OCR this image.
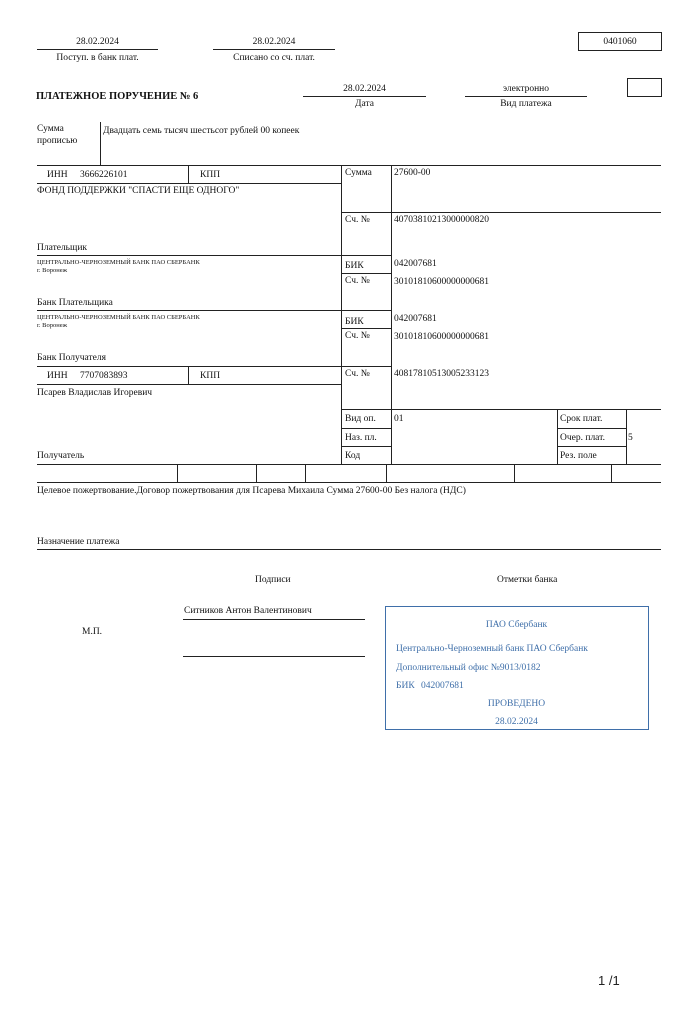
28.02.2024
Поступ. в банк плат.
28.02.2024
Списано со сч. плат.
0401060
ПЛАТЕЖНОЕ ПОРУЧЕНИЕ № 6
28.02.2024
Дата
электронно
Вид платежа
Сумма
прописью
Двадцать семь тысяч шестьсот рублей 00 копеек
ИНН 3666226101	КПП
ФОНД ПОДДЕРЖКИ "СПАСТИ ЕЩЕ ОДНОГО"
Плательщик
Сумма 27600-00
Сч. №	40703810213000000820
ЦЕНТРАЛЬНО-ЧЕРНОЗЕМНЫЙ БАНК ПАО СБЕРБАНК
г. Воронеж
Банк Плательщика
БИК	042007681
Сч. №	30101810600000000681
ЦЕНТРАЛЬНО-ЧЕРНОЗЕМНЫЙ БАНК ПАО СБЕРБАНК
г. Воронеж
Банк Получателя
БИК	042007681
Сч. №	30101810600000000681
ИНН 7707083893	КПП
Псарев Владислав Игоревич
Получатель
Сч. №	40817810513005233123
Вид оп. 01
Наз. пл.
Код
Срок плат.
Очер. плат. 5
Рез. поле
Целевое пожертвование.Договор пожертвования для Псарева Михаила Сумма 27600-00 Без налога (НДС)
Назначение платежа
Подписи	Отметки банка
М.П.
Ситников Антон Валентинович
ПАО Сбербанк
Центрально-Черноземный банк ПАО Сбербанк
Дополнительный офис №9013/0182
БИК 042007681
ПРОВЕДЕНО
28.02.2024
1 /1
